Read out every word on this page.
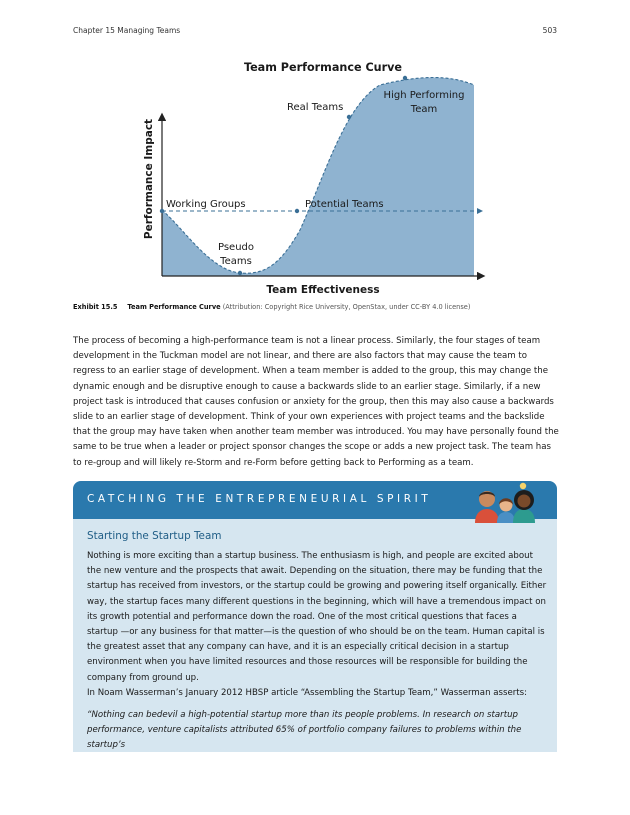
Chapter 15 Managing Teams	503
Team Performance Curve
Working Groups
Pseudo
Teams
Potential Teams
Real Teams
High Performing
Team
Performance Impact
Team Effectiveness
Exhibit 15.5 Team Performance Curve (Attribution: Copyright Rice University, OpenStax, under CC-BY 4.0 license)

The process of becoming a high-performance team is not a linear process. Similarly, the four stages of team development in the Tuckman model are not linear, and there are also factors that may cause the team to regress to an earlier stage of development. When a team member is added to the group, this may change the dynamic enough and be disruptive enough to cause a backwards slide to an earlier stage. Similarly, if a new project task is introduced that causes confusion or anxiety for the group, then this may also cause a backwards slide to an earlier stage of development. Think of your own experiences with project teams and the backslide that the group may have taken when another team member was introduced. You may have personally found the same to be true when a leader or project sponsor changes the scope or adds a new project task. The team has to re-group and will likely re-Storm and re-Form before getting back to Performing as a team.

CATCHING THE ENTREPRENEURIAL SPIRIT
Starting the Startup Team

Nothing is more exciting than a startup business. The enthusiasm is high, and people are excited about the new venture and the prospects that await. Depending on the situation, there may be funding that the startup has received from investors, or the startup could be growing and powering itself organically. Either way, the startup faces many different questions in the beginning, which will have a tremendous impact on its growth potential and performance down the road. One of the most critical questions that faces a startup —or any business for that matter—is the question of who should be on the team. Human capital is the greatest asset that any company can have, and it is an especially critical decision in a startup environment when you have limited resources and those resources will be responsible for building the company from ground up.

In Noam Wasserman’s January 2012 HBSP article “Assembling the Startup Team,” Wasserman asserts:

“Nothing can bedevil a high-potential startup more than its people problems. In research on startup performance, venture capitalists attributed 65% of portfolio company failures to problems within the startup’s
